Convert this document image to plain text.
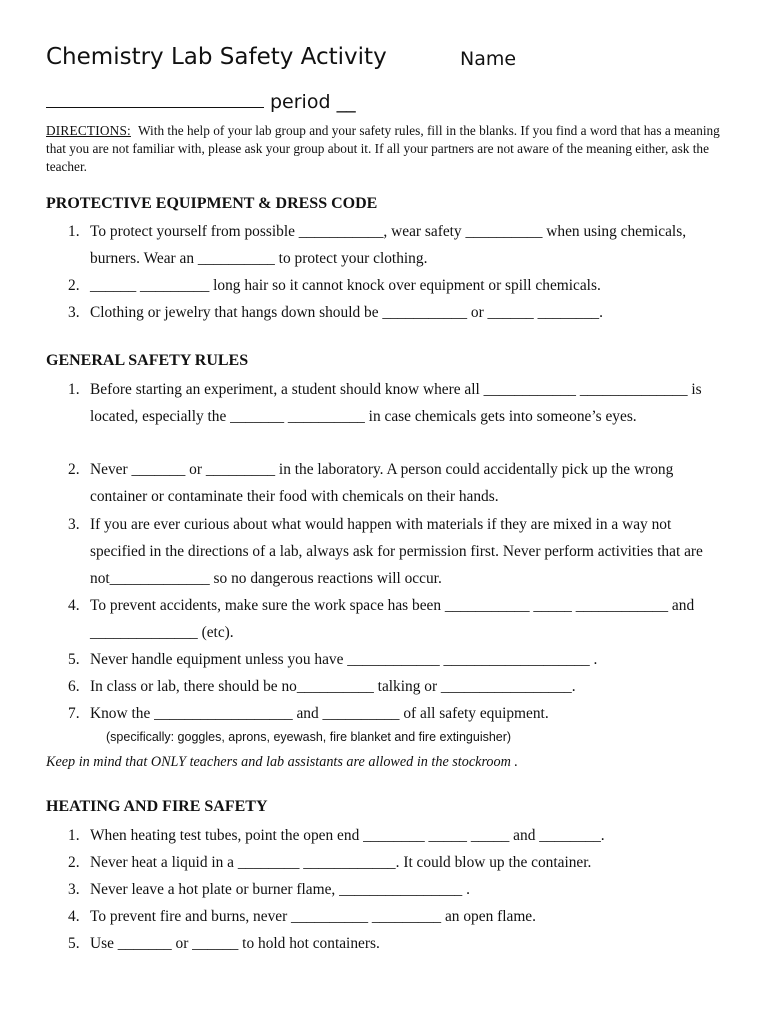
Chemistry Lab Safety Activity	Name
period __
DIRECTIONS: With the help of your lab group and your safety rules, fill in the blanks. If you find a word that has a meaning that you are not familiar with, please ask your group about it. If all your partners are not aware of the meaning either, ask the teacher.
PROTECTIVE EQUIPMENT & DRESS CODE
1. To protect yourself from possible ___________, wear safety __________ when using chemicals, burners. Wear an __________ to protect your clothing.
2. ______ _________ long hair so it cannot knock over equipment or spill chemicals.
3. Clothing or jewelry that hangs down should be ___________ or ______ ________.
GENERAL SAFETY RULES
1. Before starting an experiment, a student should know where all ____________ ______________ is located, especially the _______ __________ in case chemicals gets into someone’s eyes.
2. Never _______ or _________ in the laboratory. A person could accidentally pick up the wrong container or contaminate their food with chemicals on their hands.
3. If you are ever curious about what would happen with materials if they are mixed in a way not specified in the directions of a lab, always ask for permission first. Never perform activities that are not_____________ so no dangerous reactions will occur.
4. To prevent accidents, make sure the work space has been ___________ _____ ____________ and ______________ (etc).
5. Never handle equipment unless you have ____________ ___________________ .
6. In class or lab, there should be no__________ talking or _________________.
7. Know the __________________ and __________ of all safety equipment.
(specifically: goggles, aprons, eyewash, fire blanket and fire extinguisher)
Keep in mind that ONLY teachers and lab assistants are allowed in the stockroom .
HEATING AND FIRE SAFETY
1. When heating test tubes, point the open end ________ _____ _____ and ________.
2. Never heat a liquid in a ________ ____________. It could blow up the container.
3. Never leave a hot plate or burner flame, ________________ .
4. To prevent fire and burns, never __________ _________ an open flame.
5. Use _______ or ______ to hold hot containers.
